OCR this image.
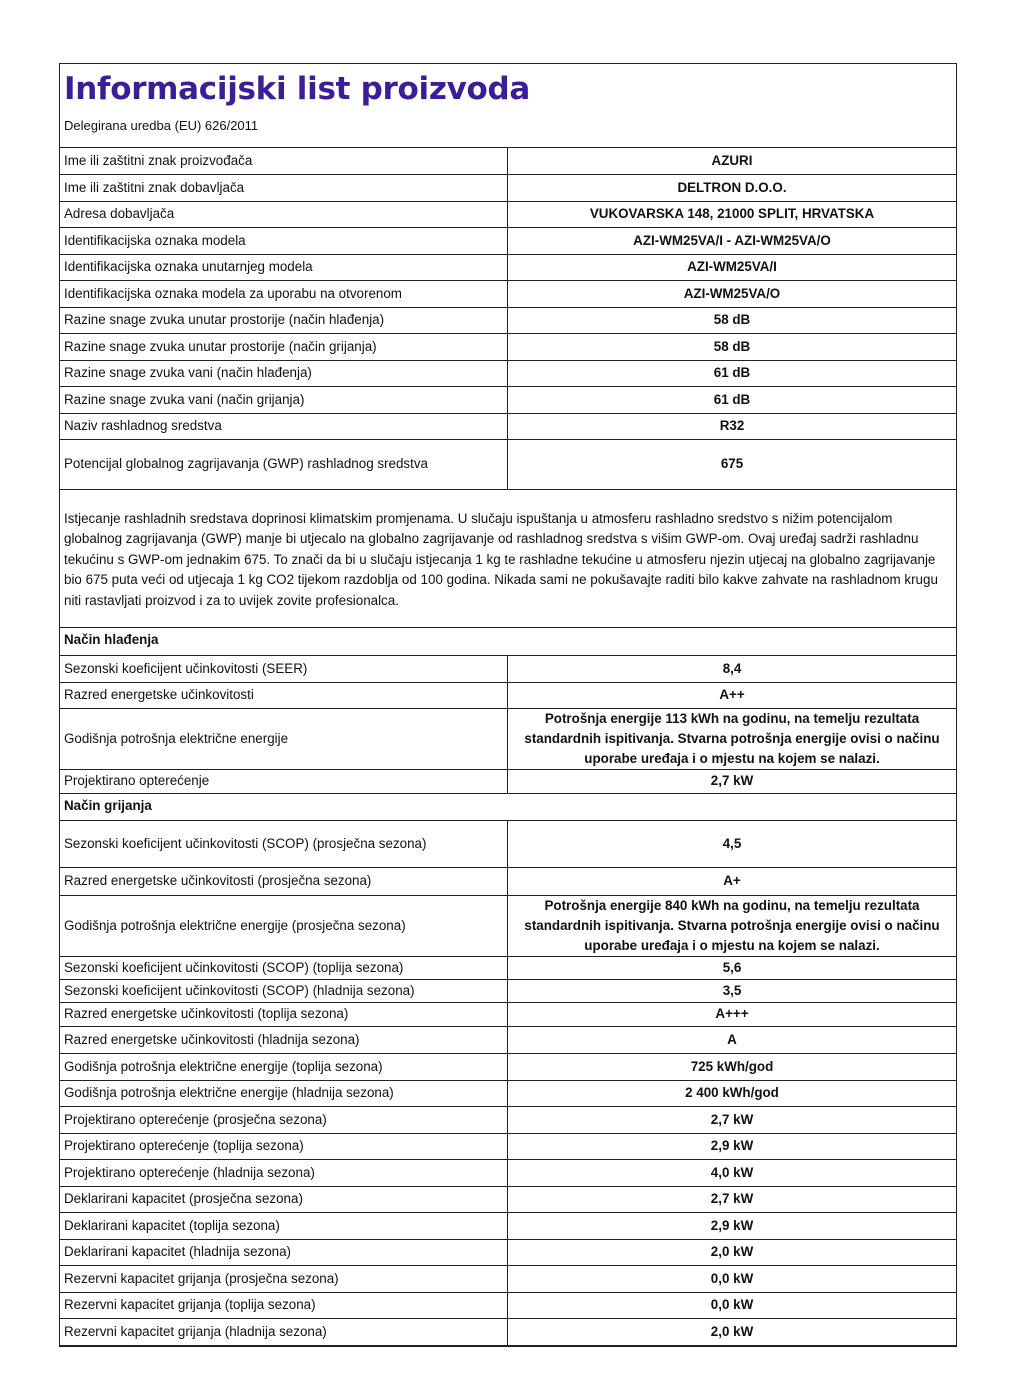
Informacijski list proizvoda
Delegirana uredba (EU) 626/2011
Ime ili zaštitni znak proizvođača	AZURI
Ime ili zaštitni znak dobavljača	DELTRON D.O.O.
Adresa dobavljača	VUKOVARSKA 148, 21000 SPLIT, HRVATSKA
Identifikacijska oznaka modela	AZI-WM25VA/I - AZI-WM25VA/O
Identifikacijska oznaka unutarnjeg modela	AZI-WM25VA/I
Identifikacijska oznaka modela za uporabu na otvorenom	AZI-WM25VA/O
Razine snage zvuka unutar prostorije (način hlađenja)	58 dB
Razine snage zvuka unutar prostorije (način grijanja)	58 dB
Razine snage zvuka vani (način hlađenja)	61 dB
Razine snage zvuka vani (način grijanja)	61 dB
Naziv rashladnog sredstva	R32
Potencijal globalnog zagrijavanja (GWP) rashladnog sredstva	675
Istjecanje rashladnih sredstava doprinosi klimatskim promjenama. U slučaju ispuštanja u atmosferu rashladno sredstvo s nižim potencijalom globalnog zagrijavanja (GWP) manje bi utjecalo na globalno zagrijavanje od rashladnog sredstva s višim GWP-om. Ovaj uređaj sadrži rashladnu tekućinu s GWP-om jednakim 675. To znači da bi u slučaju istjecanja 1 kg te rashladne tekućine u atmosferu njezin utjecaj na globalno zagrijavanje bio 675 puta veći od utjecaja 1 kg CO2 tijekom razdoblja od 100 godina. Nikada sami ne pokušavajte raditi bilo kakve zahvate na rashladnom krugu niti rastavljati proizvod i za to uvijek zovite profesionalca.	
Način hlađenja	
Sezonski koeficijent učinkovitosti (SEER)	8,4
Razred energetske učinkovitosti	A++
Godišnja potrošnja električne energije	Potrošnja energije 113 kWh na godinu, na temelju rezultata standardnih ispitivanja. Stvarna potrošnja energije ovisi o načinu uporabe uređaja i o mjestu na kojem se nalazi.
Projektirano opterećenje	2,7 kW
Način grijanja	
Sezonski koeficijent učinkovitosti (SCOP) (prosječna sezona)	4,5
Razred energetske učinkovitosti (prosječna sezona)	A+
Godišnja potrošnja električne energije (prosječna sezona)	Potrošnja energije 840 kWh na godinu, na temelju rezultata standardnih ispitivanja. Stvarna potrošnja energije ovisi o načinu uporabe uređaja i o mjestu na kojem se nalazi.
Sezonski koeficijent učinkovitosti (SCOP) (toplija sezona)	5,6
Sezonski koeficijent učinkovitosti (SCOP) (hladnija sezona)	3,5
Razred energetske učinkovitosti (toplija sezona)	A+++
Razred energetske učinkovitosti (hladnija sezona)	A
Godišnja potrošnja električne energije (toplija sezona)	725 kWh/god
Godišnja potrošnja električne energije (hladnija sezona)	2 400 kWh/god
Projektirano opterećenje (prosječna sezona)	2,7 kW
Projektirano opterećenje (toplija sezona)	2,9 kW
Projektirano opterećenje (hladnija sezona)	4,0 kW
Deklarirani kapacitet (prosječna sezona)	2,7 kW
Deklarirani kapacitet (toplija sezona)	2,9 kW
Deklarirani kapacitet (hladnija sezona)	2,0 kW
Rezervni kapacitet grijanja (prosječna sezona)	0,0 kW
Rezervni kapacitet grijanja (toplija sezona)	0,0 kW
Rezervni kapacitet grijanja (hladnija sezona)	2,0 kW
